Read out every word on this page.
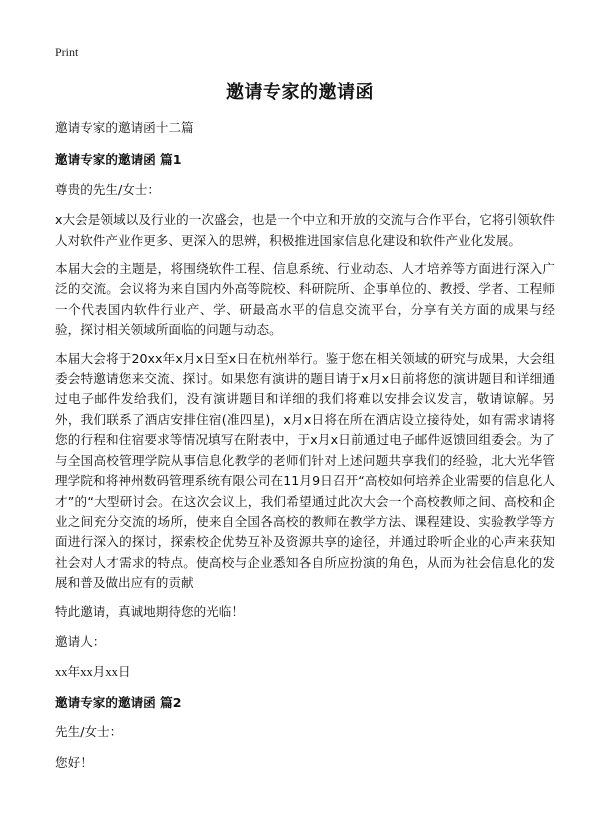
Print
邀请专家的邀请函

邀请专家的邀请函十二篇

邀请专家的邀请函 篇1

尊贵的先生/女士：

x大会是领域以及行业的一次盛会，也是一个中立和开放的交流与合作平台，它将引领软件人对软件产业作更多、更深入的思辨，积极推进国家信息化建设和软件产业化发展。

本届大会的主题是，将围绕软件工程、信息系统、行业动态、人才培养等方面进行深入广泛的交流。会议将为来自国内外高等院校、科研院所、企事单位的、教授、学者、工程师一个代表国内软件行业产、学、研最高水平的信息交流平台，分享有关方面的成果与经验，探讨相关领域所面临的问题与动态。

本届大会将于20xx年x月x日至x日在杭州举行。鉴于您在相关领域的研究与成果，大会组委会特邀请您来交流、探讨。如果您有演讲的题目请于x月x日前将您的演讲题目和详细通过电子邮件发给我们，没有演讲题目和详细的我们将难以安排会议发言，敬请谅解。另外，我们联系了酒店安排住宿(准四星)，x月x日将在所在酒店设立接待处，如有需求请将您的行程和住宿要求等情况填写在附表中，于x月x日前通过电子邮件返馈回组委会。为了与全国高校管理学院从事信息化教学的老师们针对上述问题共享我们的经验，北大光华管理学院和将神州数码管理系统有限公司在11月9日召开“高校如何培养企业需要的信息化人才”的“大型研讨会。在这次会议上，我们希望通过此次大会一个高校教师之间、高校和企业之间充分交流的场所，使来自全国各高校的教师在教学方法、课程建设、实验教学等方面进行深入的探讨，探索校企优势互补及资源共享的途径，并通过聆听企业的心声来获知社会对人才需求的特点。使高校与企业悉知各自所应扮演的角色，从而为社会信息化的发展和普及做出应有的贡献

特此邀请，真诚地期待您的光临！

邀请人：

xx年xx月xx日

邀请专家的邀请函 篇2

先生/女士：

您好！
